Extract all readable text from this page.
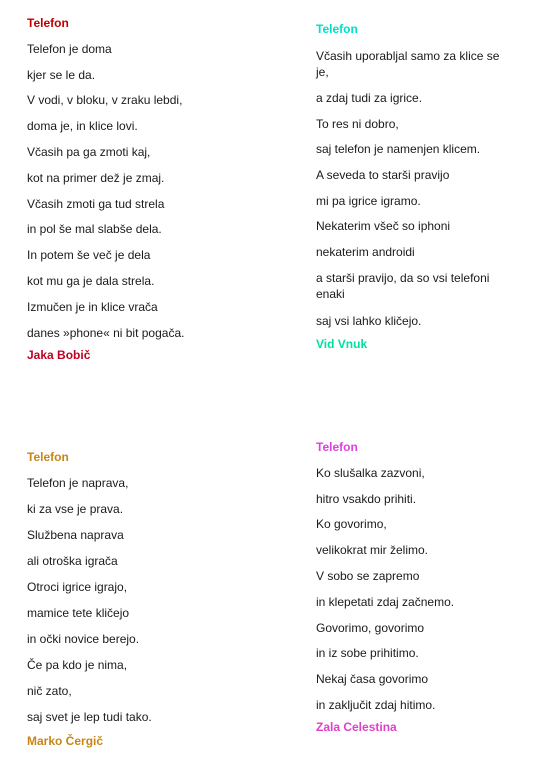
Telefon
Telefon je doma
kjer se le da.
V vodi, v bloku, v zraku lebdi,
doma je, in klice lovi.
Včasih pa ga zmoti kaj,
kot na primer dež je zmaj.
Včasih zmoti ga tud strela
in pol še mal slabše dela.
In potem še več je dela
kot mu ga je dala strela.
Izmučen je in klice vrača
danes »phone« ni bit pogača.
Jaka Bobič
Telefon
Včasih uporabljal samo za klice se je,
a zdaj tudi za igrice.
To res ni dobro,
saj telefon je namenjen klicem.
A seveda to starši pravijo
mi pa igrice igramo.
Nekaterim všeč so iphoni
nekaterim androidi
a starši pravijo, da so vsi telefoni enaki
saj vsi lahko kličejo.
Vid Vnuk
Telefon
Telefon je naprava,
ki za vse je prava.
Službena naprava
ali otroška igrača
Otroci igrice igrajo,
mamice tete kličejo
in očki novice berejo.
Če pa kdo je nima,
nič zato,
saj svet je lep tudi tako.
Marko Čergič
Telefon
Ko slušalka zazvoni,
hitro vsakdo prihiti.
Ko govorimo,
velikokrat mir želimo.
V sobo se zapremo
in klepetati zdaj začnemo.
Govorimo, govorimo
in iz sobe prihitimo.
Nekaj časa govorimo
in zaključit zdaj hitimo.
Zala Celestina
